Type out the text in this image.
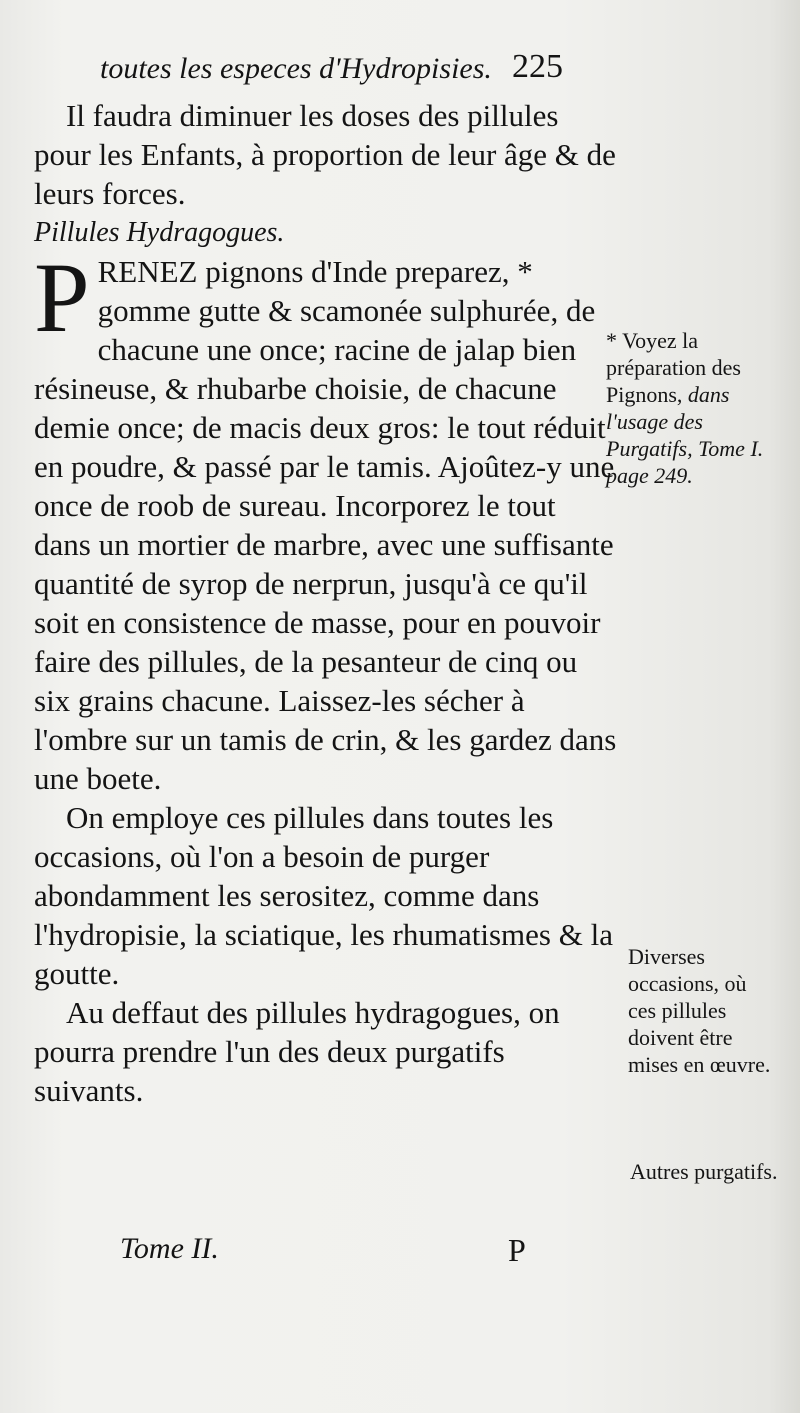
toutes les especes d'Hydropisies. 225

Il faudra diminuer les doses des pillules pour les Enfants, à proportion de leur âge & de leurs forces.

Pillules Hydragogues.

PRENEZ pignons d'Inde preparez, * gomme gutte & scamonée sulphurée, de chacune une once; racine de jalap bien résineuse, & rhubarbe choisie, de chacune demie once; de macis deux gros: le tout réduit en poudre, & passé par le tamis. Ajoûtez-y une once de roob de sureau. Incorporez le tout dans un mortier de marbre, avec une suffisante quantité de syrop de nerprun, jusqu'à ce qu'il soit en consistence de masse, pour en pouvoir faire des pillules, de la pesanteur de cinq ou six grains chacune. Laissez-les sécher à l'ombre sur un tamis de crin, & les gardez dans une boete.

On employe ces pillules dans toutes les occasions, où l'on a besoin de purger abondamment les serositez, comme dans l'hydropisie, la sciatique, les rhumatismes & la goutte.

Au deffaut des pillules hydragogues, on pourra prendre l'un des deux purgatifs suivants.

* Voyez la préparation des Pignons, dans l'usage des Purgatifs, Tome I. page 249.
Diverses occasions, où ces pillules doivent être mises en œuvre.
Autres purgatifs.
Tome II.	P
